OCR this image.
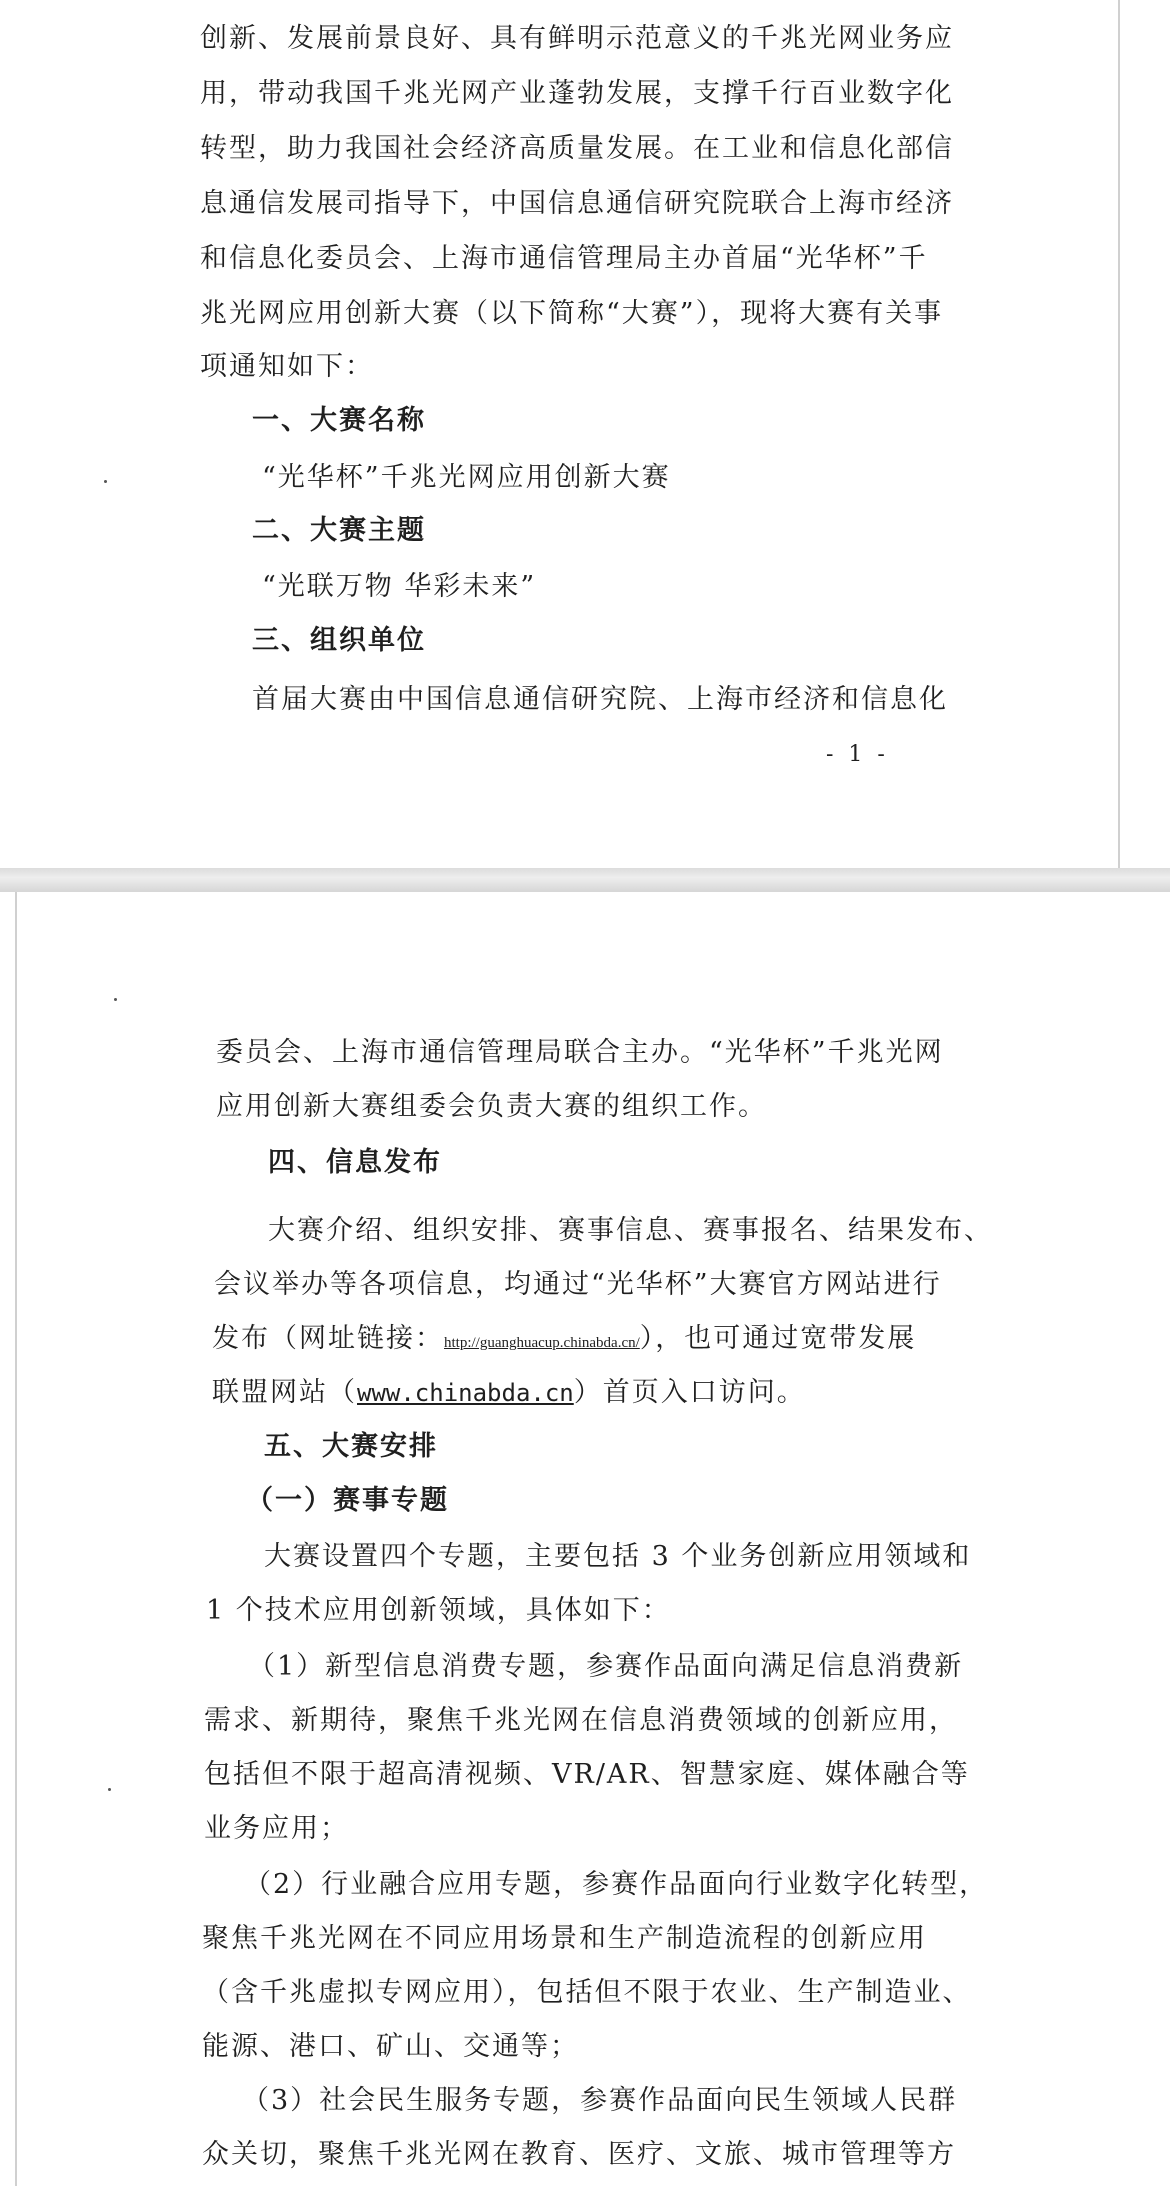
创新、发展前景良好、具有鲜明示范意义的千兆光网业务应
用，带动我国千兆光网产业蓬勃发展，支撑千行百业数字化
转型，助力我国社会经济高质量发展。在工业和信息化部信
息通信发展司指导下，中国信息通信研究院联合上海市经济
和信息化委员会、上海市通信管理局主办首届“光华杯”千
兆光网应用创新大赛（以下简称“大赛”），现将大赛有关事
项通知如下：
一、大赛名称
“光华杯”千兆光网应用创新大赛
二、大赛主题
“光联万物 华彩未来”
三、组织单位
首届大赛由中国信息通信研究院、上海市经济和信息化
- 1 -
委员会、上海市通信管理局联合主办。“光华杯”千兆光网
应用创新大赛组委会负责大赛的组织工作。
四、信息发布
大赛介绍、组织安排、赛事信息、赛事报名、结果发布、
会议举办等各项信息，均通过“光华杯”大赛官方网站进行
发布（网址链接：http://guanghuacup.chinabda.cn/），也可通过宽带发展
联盟网站（www.chinabda.cn）首页入口访问。
五、大赛安排
（一）赛事专题
大赛设置四个专题，主要包括 3 个业务创新应用领域和
1 个技术应用创新领域，具体如下：
（1）新型信息消费专题，参赛作品面向满足信息消费新
需求、新期待，聚焦千兆光网在信息消费领域的创新应用，
包括但不限于超高清视频、VR/AR、智慧家庭、媒体融合等
业务应用；
（2）行业融合应用专题，参赛作品面向行业数字化转型，
聚焦千兆光网在不同应用场景和生产制造流程的创新应用
（含千兆虚拟专网应用），包括但不限于农业、生产制造业、
能源、港口、矿山、交通等；
（3）社会民生服务专题，参赛作品面向民生领域人民群
众关切，聚焦千兆光网在教育、医疗、文旅、城市管理等方
